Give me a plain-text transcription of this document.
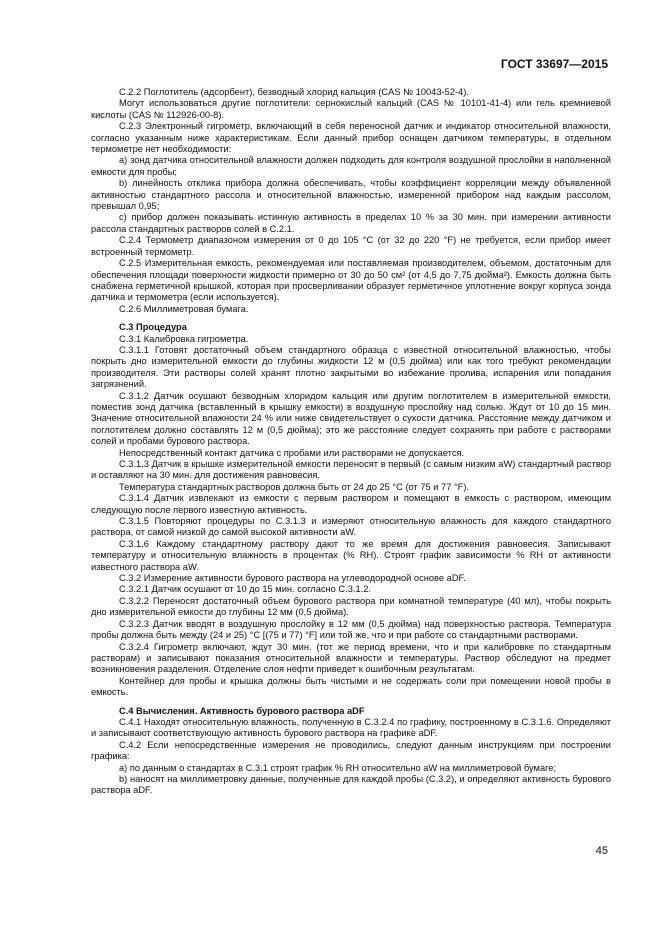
ГОСТ 33697—2015

С.2.2 Поглотитель (адсорбент), безводный хлорид кальция (CAS № 10043-52-4).

Могут использоваться другие поглотители: сернокислый кальций (CAS № 10101-41-4) или гель кремниевой кислоты (CAS № 112926-00-8).

С.2.3 Электронный гигрометр, включающий в себя переносной датчик и индикатор относительной влажности, согласно указанным ниже характеристикам. Если данный прибор оснащен датчиком температуры, в отдельном термометре нет необходимости:

а) зонд датчика относительной влажности должен подходить для контроля воздушной прослойки в наполненной емкости для пробы;

b) линейность отклика прибора должна обеспечивать, чтобы коэффициент корреляции между объявленной активностью стандартного рассола и относительной влажностью, измеренной прибором над каждым рассолом, превышал 0,95;

c) прибор должен показывать истинную активность в пределах 10 % за 30 мин. при измерении активности рассола стандартных растворов солей в С.2.1.

С.2.4 Термометр диапазоном измерения от 0 до 105 °С (от 32 до 220 °F) не требуется, если прибор имеет встроенный термометр.

С.2.5 Измерительная емкость, рекомендуемая или поставляемая производителем, объемом, достаточным для обеспечения площади поверхности жидкости примерно от 30 до 50 см² (от 4,5 до 7,75 дюйма²). Емкость должна быть снабжена герметичной крышкой, которая при просверливании образует герметичное уплотнение вокруг корпуса зонда датчика и термометра (если используется).

С.2.6 Миллиметровая бумага.

С.3 Процедура

С.3.1 Калибровка гигрометра.

С.3.1.1 Готовят достаточный объем стандартного образца с известной относительной влажностью, чтобы покрыть дно измерительной емкости до глубины жидкости 12 м (0,5 дюйма) или как того требуют рекомендации производителя. Эти растворы солей хранят плотно закрытыми во избежание пролива, испарения или попадания загрязнений.

С.3.1.2 Датчик осушают безводным хлоридом кальция или другим поглотителем в измерительной емкости, поместив зонд датчика (вставленный в крышку емкости) в воздушную прослойку над солью. Ждут от 10 до 15 мин. Значение относительной влажности 24 % или ниже свидетельствует о сухости датчика. Расстояние между датчиком и поглотителем должно составлять 12 м (0,5 дюйма); это же расстояние следует сохранять при работе с растворами солей и пробами бурового раствора.

Непосредственный контакт датчика с пробами или растворами не допускается.

С.3.1.3 Датчик в крышке измерительной емкости переносят в первый (с самым низким aW) стандартный раствор и оставляют на 30 мин. для достижения равновесия.

Температура стандартных растворов должна быть от 24 до 25 °С (от 75 и 77 °F).

С.3.1.4 Датчик извлекают из емкости с первым раствором и помещают в емкость с раствором, имеющим следующую после первого известную активность.

С.3.1.5 Повторяют процедуры по С.3.1.3 и измеряют относительную влажность для каждого стандартного раствора, от самой низкой до самой высокой активности aW.

С.3.1.6 Каждому стандартному раствору дают то же время для достижения равновесия. Записывают температуру и относительную влажность в процентах (% RH). Строят график зависимости % RH от активности известного раствора aW.

С.3.2 Измерение активности бурового раствора на углеводородной основе aDF.

С.3.2.1 Датчик осушают от 10 до 15 мин. согласно С.3.1.2.

С.3.2.2 Переносят достаточный объем бурового раствора при комнатной температуре (40 мл), чтобы покрыть дно измерительной емкости до глубины 12 мм (0,5 дюйма).

С.3.2.3 Датчик вводят в воздушную прослойку в 12 мм (0,5 дюйма) над поверхностью раствора. Температура пробы должна быть между (24 и 25) °С [(75 и 77) °F] или той же, что и при работе со стандартными растворами.

С.3.2.4 Гигрометр включают, ждут 30 мин. (тот же период времени, что и при калибровке по стандартным растворам) и записывают показания относительной влажности и температуры. Раствор обследуют на предмет возникновения разделения. Отделение слоя нефти приведет к ошибочным результатам.

Контейнер для пробы и крышка должны быть чистыми и не содержать соли при помещении новой пробы в емкость.

С.4 Вычисления. Активность бурового раствора aDF

С.4.1 Находят относительную влажность, полученную в С.3.2.4 по графику, построенному в С.3.1.6. Определяют и записывают соответствующую активность бурового раствора на графике aDF.

С.4.2 Если непосредственные измерения не проводились, следуют данным инструкциям при построении графика:

а) по данным о стандартах в С.3.1 строят график % RH относительно aW на миллиметровой бумаге;

b) наносят на миллиметровку данные, полученные для каждой пробы (С.3.2), и определяют активность бурового раствора aDF.

45
